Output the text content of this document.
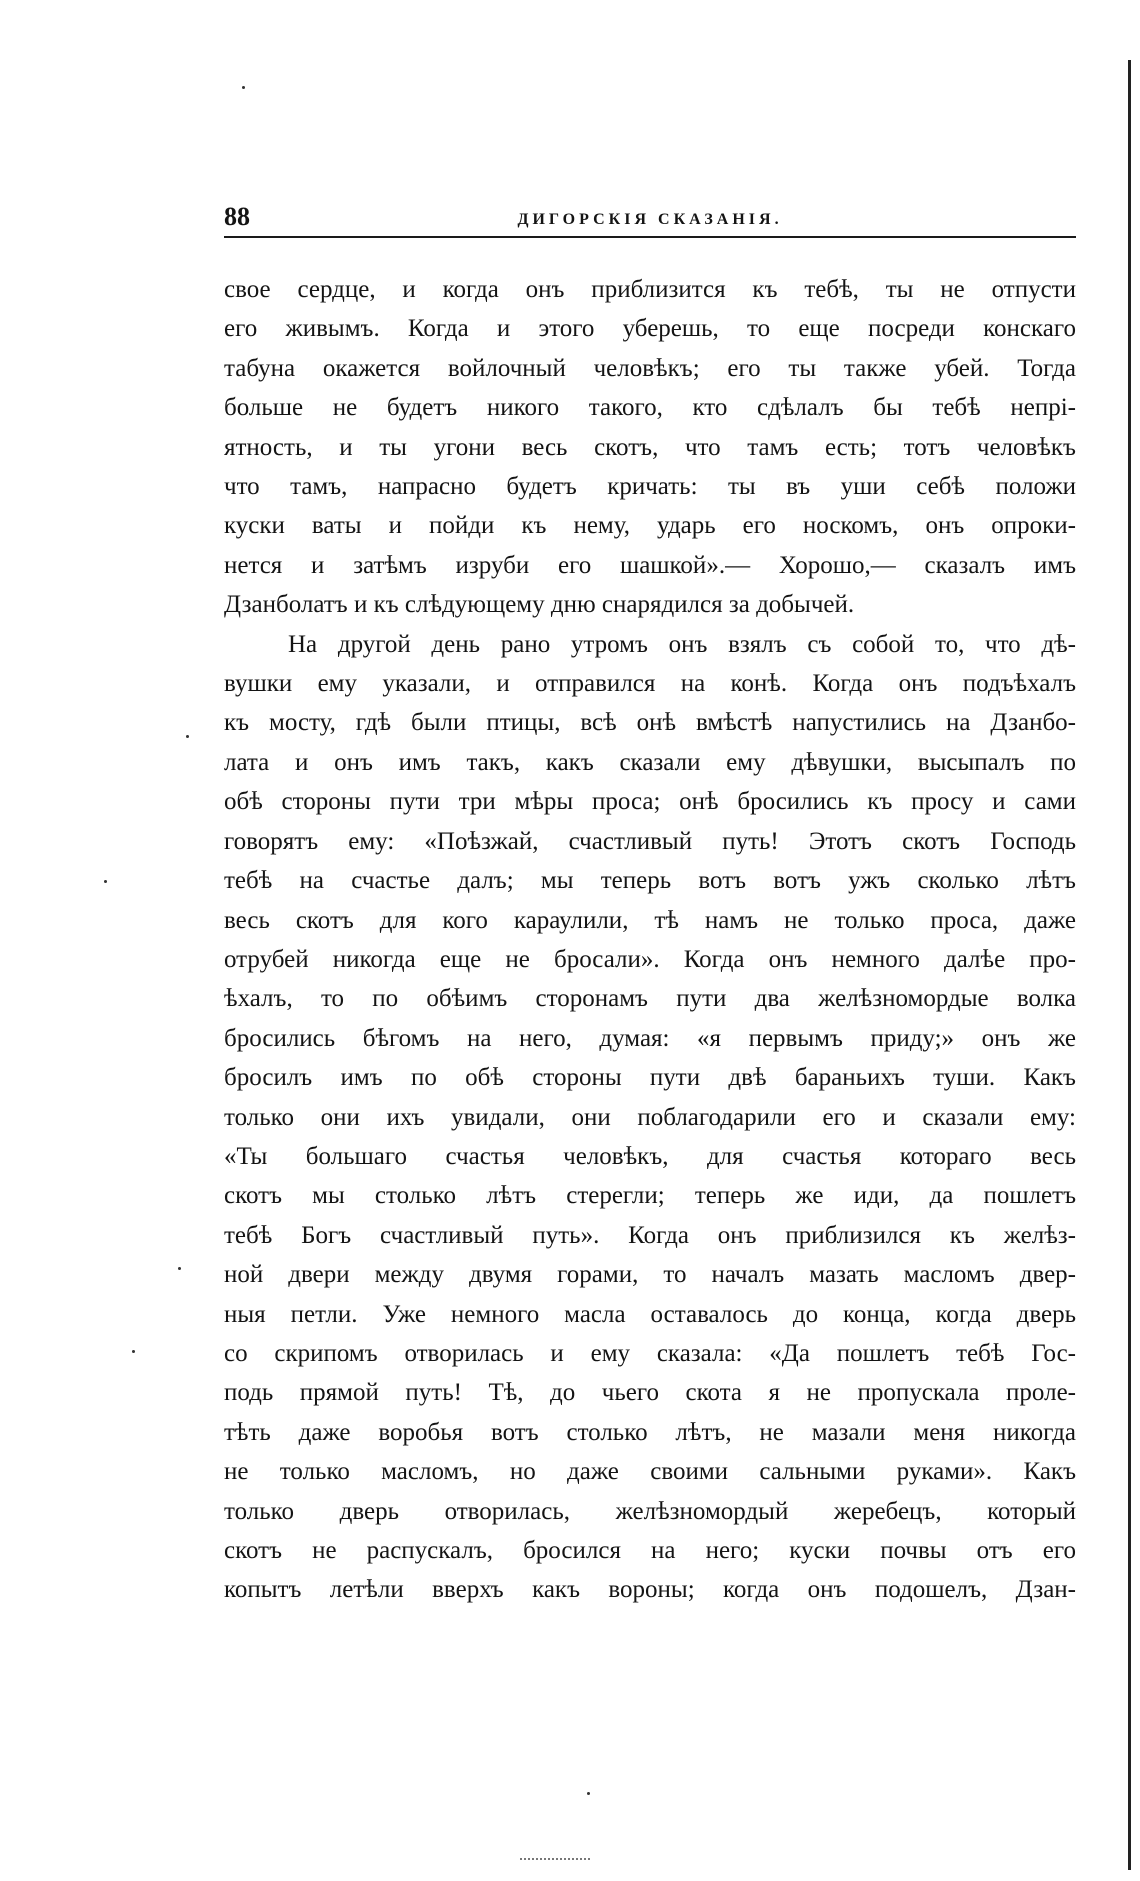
88	ДИГОРСКІЯ СКАЗАНІЯ.
свое сердце, и когда онъ приблизится къ тебѣ, ты не отпусти
его живымъ. Когда и этого уберешь, то еще посреди конскаго
табуна окажется войлочный человѣкъ; его ты также убей. Тогда
больше не будетъ никого такого, кто сдѣлалъ бы тебѣ непрі-
ятность, и ты угони весь скотъ, что тамъ есть; тотъ человѣкъ
что тамъ, напрасно будетъ кричать: ты въ уши себѣ положи
куски ваты и пойди къ нему, ударь его носкомъ, онъ опроки-
нется и затѣмъ изруби его шашкой».— Хорошо,— сказалъ имъ
Дзанболатъ и къ слѣдующему дню снарядился за добычей.
На другой день рано утромъ онъ взялъ съ собой то, что дѣ-
вушки ему указали, и отправился на конѣ. Когда онъ подъѣхалъ
къ мосту, гдѣ были птицы, всѣ онѣ вмѣстѣ напустились на Дзанбо-
лата и онъ имъ такъ, какъ сказали ему дѣвушки, высыпалъ по
обѣ стороны пути три мѣры проса; онѣ бросились къ просу и сами
говорятъ ему: «Поѣзжай, счастливый путь! Этотъ скотъ Господь
тебѣ на счастье далъ; мы теперь вотъ вотъ ужъ сколько лѣтъ
весь скотъ для кого караулили, тѣ намъ не только проса, даже
отрубей никогда еще не бросали». Когда онъ немного далѣе про-
ѣхалъ, то по обѣимъ сторонамъ пути два желѣзномордые волка
бросились бѣгомъ на него, думая: «я первымъ приду;» онъ же
бросилъ имъ по обѣ стороны пути двѣ бараньихъ туши. Какъ
только они ихъ увидали, они поблагодарили его и сказали ему:
«Ты большаго счастья человѣкъ, для счастья котораго весь
скотъ мы столько лѣтъ стерегли; теперь же иди, да пошлетъ
тебѣ Богъ счастливый путь». Когда онъ приблизился къ желѣз-
ной двери между двумя горами, то началъ мазать масломъ двер-
ныя петли. Уже немного масла оставалось до конца, когда дверь
со скрипомъ отворилась и ему сказала: «Да пошлетъ тебѣ Гос-
подь прямой путь! Тѣ, до чьего скота я не пропускала проле-
тѣть даже воробья вотъ столько лѣтъ, не мазали меня никогда
не только масломъ, но даже своими сальными руками». Какъ
только дверь отворилась, желѣзномордый жеребецъ, который
скотъ не распускалъ, бросился на него; куски почвы отъ его
копытъ летѣли вверхъ какъ вороны; когда онъ подошелъ, Дзан-
